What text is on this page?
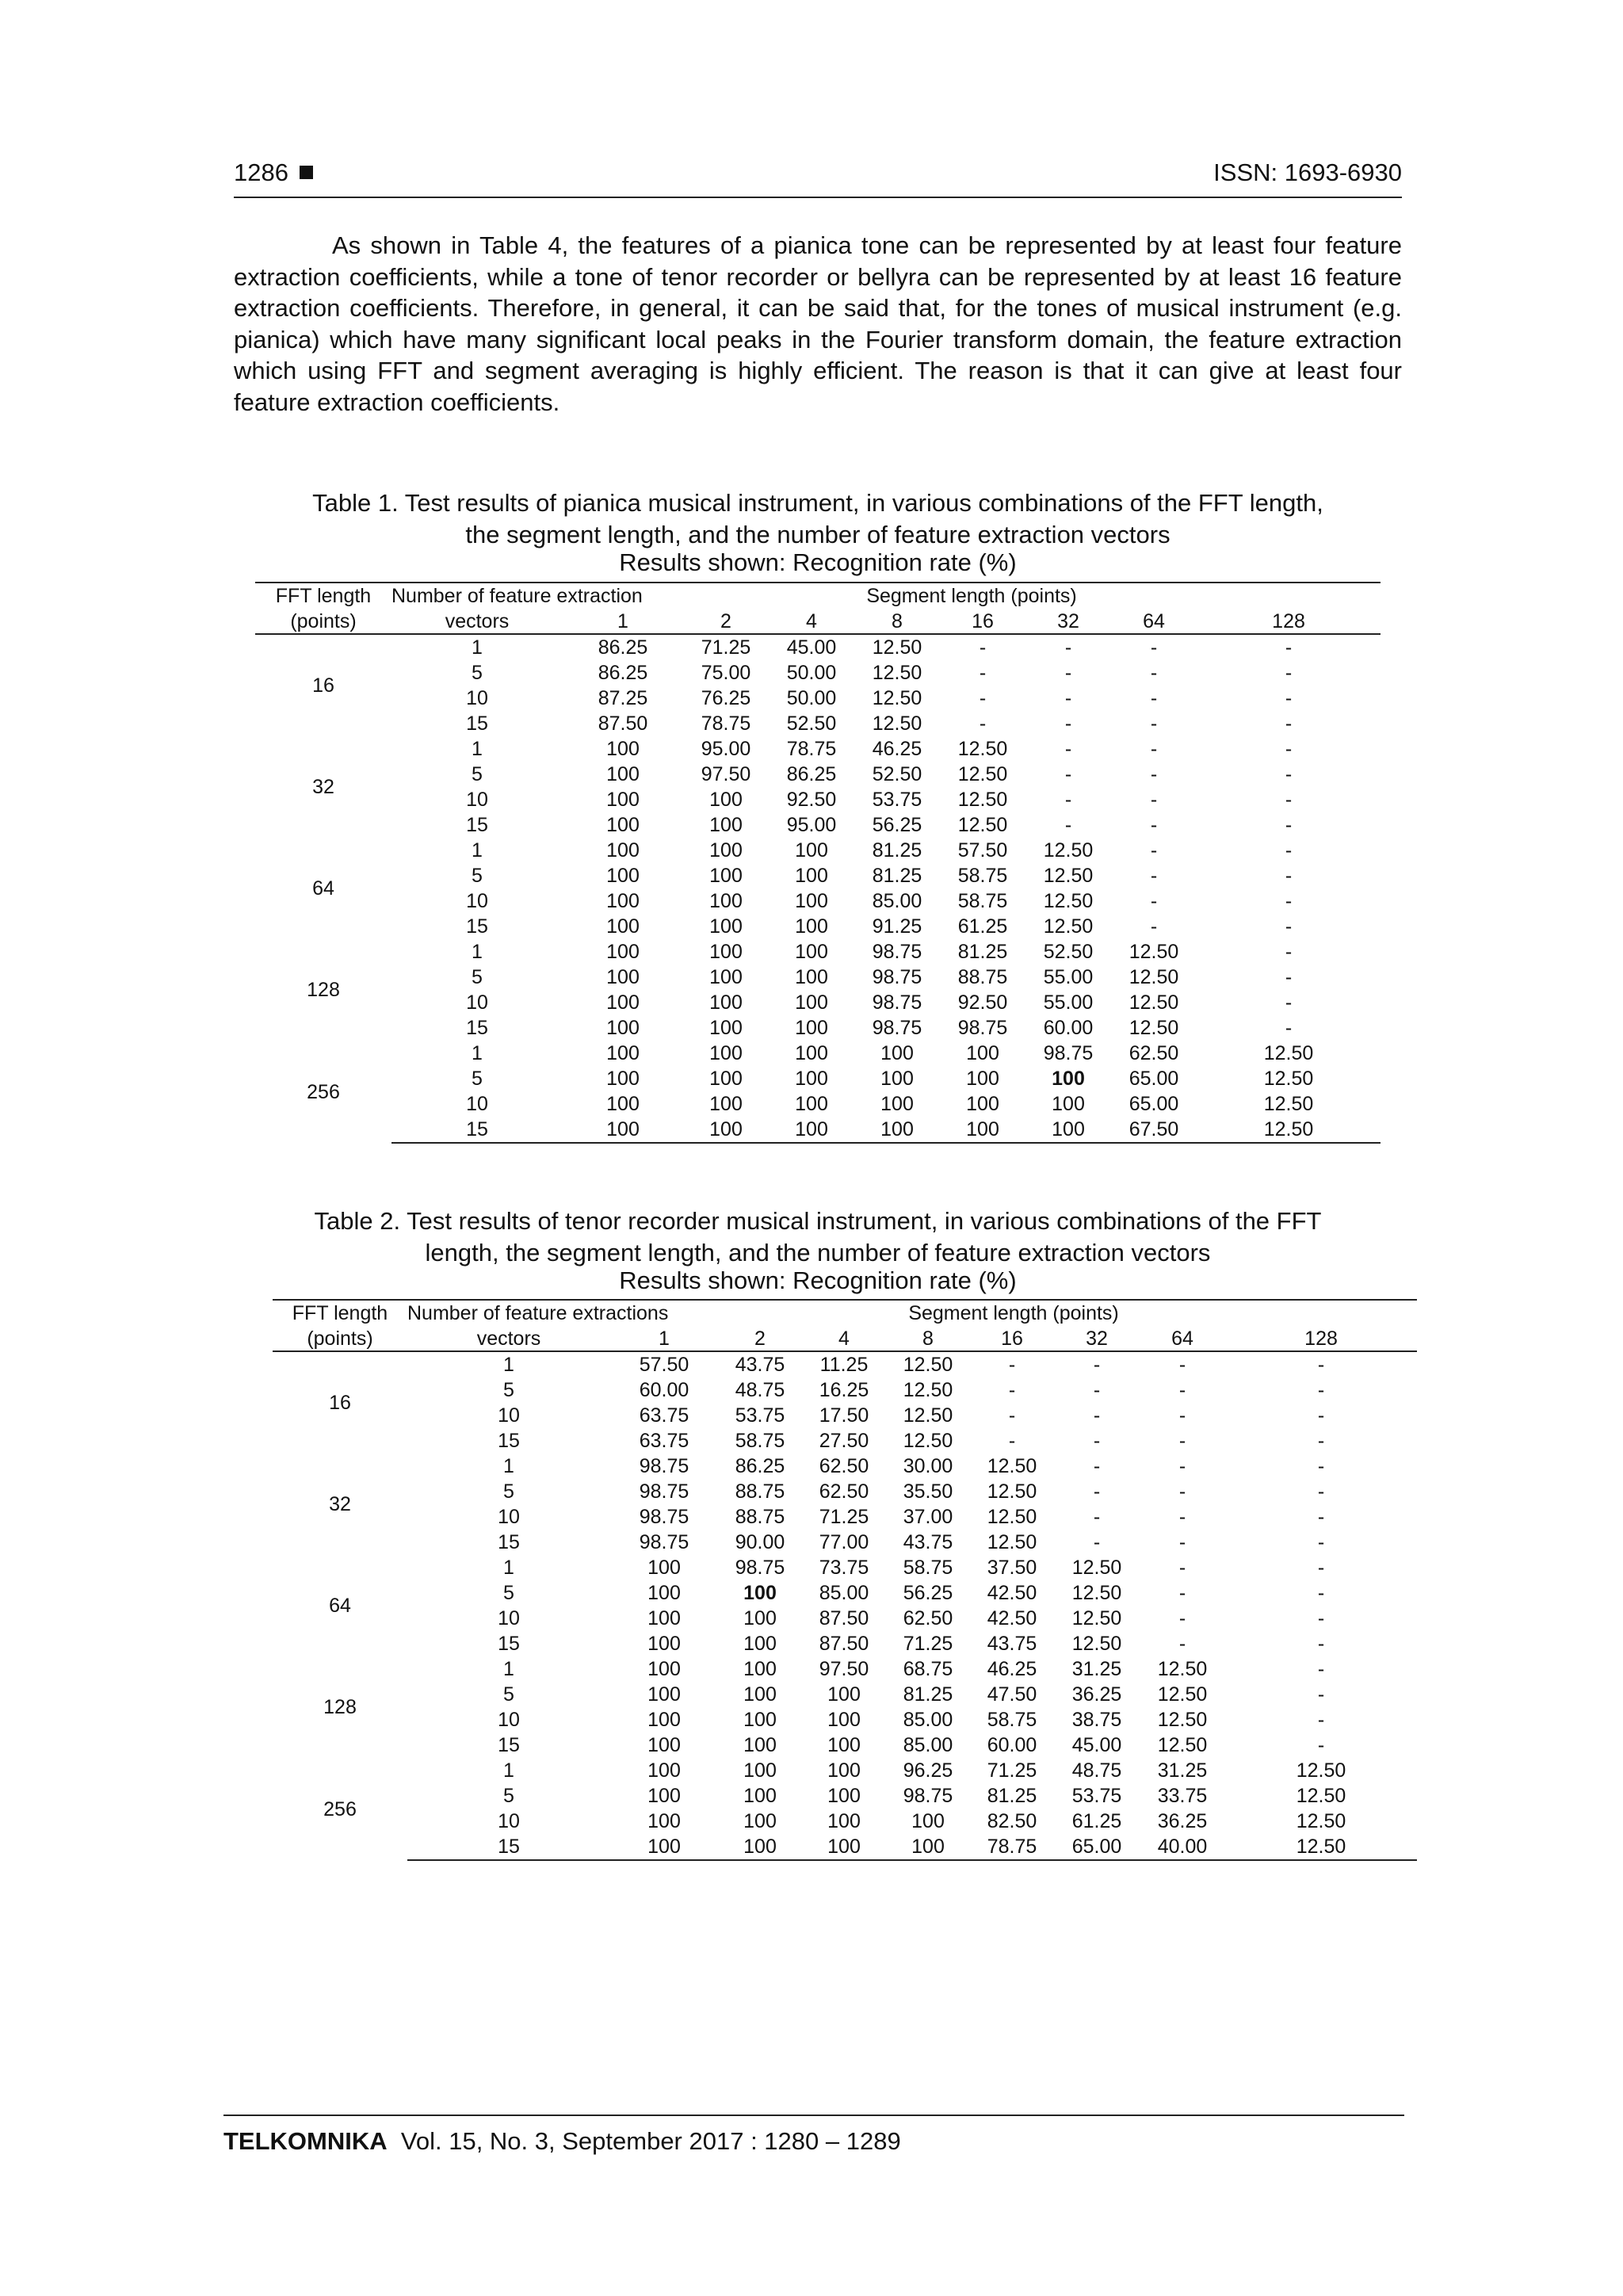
1286	ISSN: 1693-6930

As shown in Table 4, the features of a pianica tone can be represented by at least four feature extraction coefficients, while a tone of tenor recorder or bellyra can be represented by at least 16 feature extraction coefficients. Therefore, in general, it can be said that, for the tones of musical instrument (e.g. pianica) which have many significant local peaks in the Fourier transform domain, the feature extraction which using FFT and segment averaging is highly efficient. The reason is that it can give at least four feature extraction coefficients.

Table 1. Test results of pianica musical instrument, in various combinations of the FFT length,
the segment length, and the number of feature extraction vectors

Results shown: Recognition rate (%)

FFT length	Number of feature extraction	Segment length (points)							
(points)	vectors	1	2	4	8	16	32	64	128
16	1	86.25	71.25	45.00	12.50	-	-	-	-
	5	86.25	75.00	50.00	12.50	-	-	-	-
	10	87.25	76.25	50.00	12.50	-	-	-	-
	15	87.50	78.75	52.50	12.50	-	-	-	-
32	1	100	95.00	78.75	46.25	12.50	-	-	-
	5	100	97.50	86.25	52.50	12.50	-	-	-
	10	100	100	92.50	53.75	12.50	-	-	-
	15	100	100	95.00	56.25	12.50	-	-	-
64	1	100	100	100	81.25	57.50	12.50	-	-
	5	100	100	100	81.25	58.75	12.50	-	-
	10	100	100	100	85.00	58.75	12.50	-	-
	15	100	100	100	91.25	61.25	12.50	-	-
128	1	100	100	100	98.75	81.25	52.50	12.50	-
	5	100	100	100	98.75	88.75	55.00	12.50	-
	10	100	100	100	98.75	92.50	55.00	12.50	-
	15	100	100	100	98.75	98.75	60.00	12.50	-
256	1	100	100	100	100	100	98.75	62.50	12.50
	5	100	100	100	100	100	100	65.00	12.50
	10	100	100	100	100	100	100	65.00	12.50
	15	100	100	100	100	100	100	67.50	12.50

Table 2. Test results of tenor recorder musical instrument, in various combinations of the FFT
length, the segment length, and the number of feature extraction vectors

Results shown: Recognition rate (%)

FFT length	Number of feature extractions	Segment length (points)							
(points)	vectors	1	2	4	8	16	32	64	128
16	1	57.50	43.75	11.25	12.50	-	-	-	-
	5	60.00	48.75	16.25	12.50	-	-	-	-
	10	63.75	53.75	17.50	12.50	-	-	-	-
	15	63.75	58.75	27.50	12.50	-	-	-	-
32	1	98.75	86.25	62.50	30.00	12.50	-	-	-
	5	98.75	88.75	62.50	35.50	12.50	-	-	-
	10	98.75	88.75	71.25	37.00	12.50	-	-	-
	15	98.75	90.00	77.00	43.75	12.50	-	-	-
64	1	100	98.75	73.75	58.75	37.50	12.50	-	-
	5	100	100	85.00	56.25	42.50	12.50	-	-
	10	100	100	87.50	62.50	42.50	12.50	-	-
	15	100	100	87.50	71.25	43.75	12.50	-	-
128	1	100	100	97.50	68.75	46.25	31.25	12.50	-
	5	100	100	100	81.25	47.50	36.25	12.50	-
	10	100	100	100	85.00	58.75	38.75	12.50	-
	15	100	100	100	85.00	60.00	45.00	12.50	-
256	1	100	100	100	96.25	71.25	48.75	31.25	12.50
	5	100	100	100	98.75	81.25	53.75	33.75	12.50
	10	100	100	100	100	82.50	61.25	36.25	12.50
	15	100	100	100	100	78.75	65.00	40.00	12.50
TELKOMNIKA Vol. 15, No. 3, September 2017 : 1280 – 1289
